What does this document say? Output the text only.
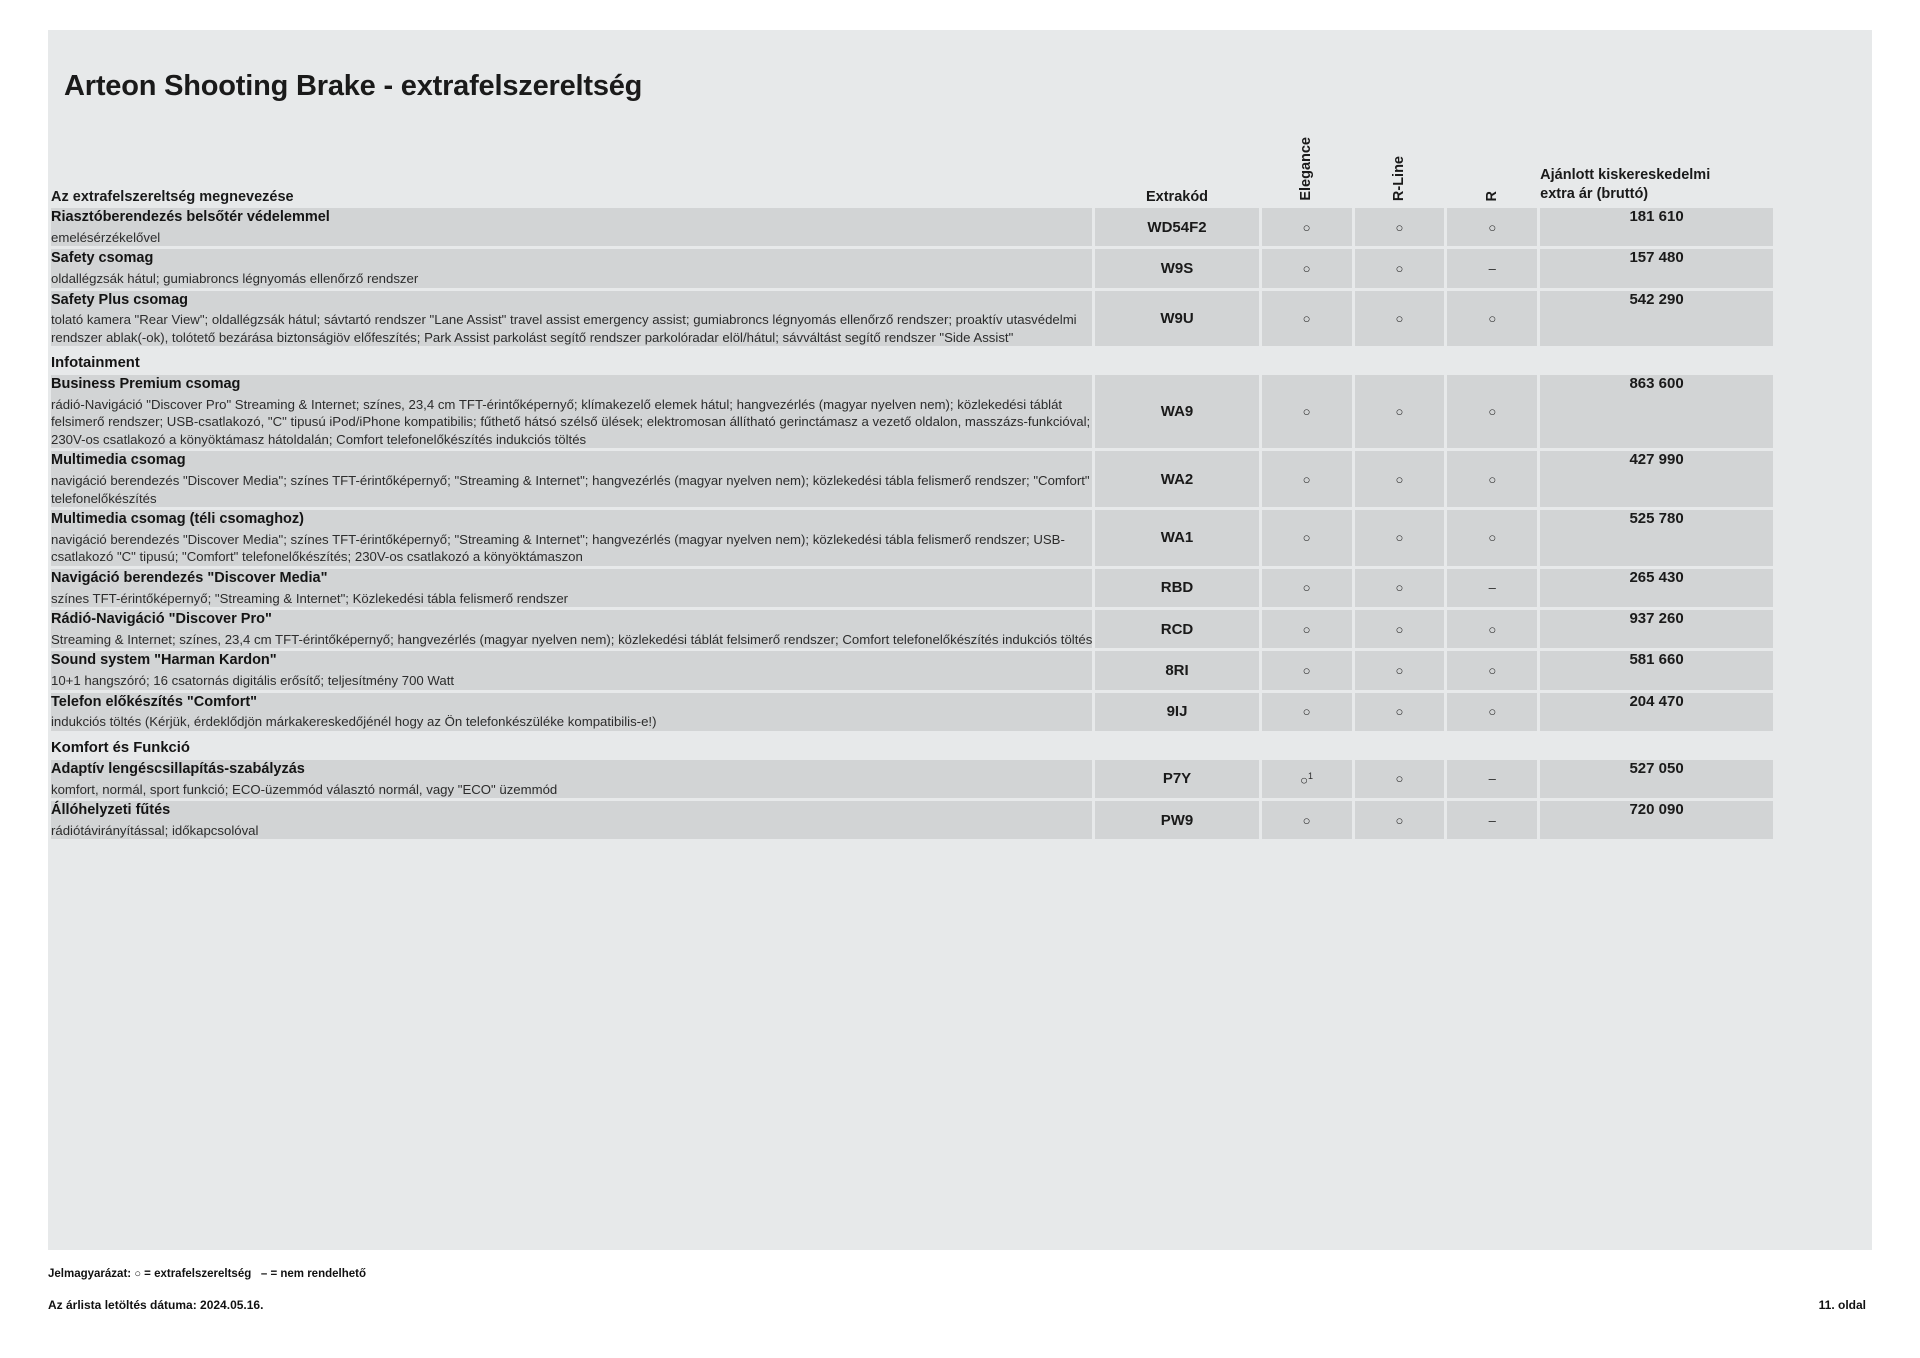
Arteon Shooting Brake - extrafelszereltség
Az extrafelszereltség megnevezése	Extrakód	Elegance	R-Line	R	Ajánlott kiskereskedelmi
extra ár (bruttó)

Riasztóberendezés belsőtér védelemmel
emelésérzékelővel	WD54F2	○	○	○	181 610

Safety csomag
oldallégzsák hátul; gumiabroncs légnyomás ellenőrző rendszer	W9S	○	○	–	157 480

Safety Plus csomag
tolató kamera "Rear View"; oldallégzsák hátul; sávtartó rendszer "Lane Assist" travel assist emergency assist; gumiabroncs légnyomás ellenőrző rendszer; proaktív utasvédelmi rendszer ablak(-ok), tolótető bezárása biztonságiöv előfeszítés; Park Assist parkolást segítő rendszer parkolóradar elöl/hátul; sávváltást segítő rendszer "Side Assist"	W9U	○	○	○	542 290

Infotainment					

Business Premium csomag
rádió-Navigáció "Discover Pro" Streaming & Internet; színes, 23,4 cm TFT-érintőképernyő; klímakezelő elemek hátul; hangvezérlés (magyar nyelven nem); közlekedési táblát felsimerő rendszer; USB-csatlakozó, "C" tipusú iPod/iPhone kompatibilis; fűthető hátsó szélső ülések; elektromosan állítható gerinctámasz a vezető oldalon, masszázs-funkcióval; 230V-os csatlakozó a könyöktámasz hátoldalán; Comfort telefonelőkészítés indukciós töltés	WA9	○	○	○	863 600

Multimedia csomag
navigáció berendezés "Discover Media"; színes TFT-érintőképernyő; "Streaming & Internet"; hangvezérlés (magyar nyelven nem); közlekedési tábla felismerő rendszer; "Comfort" telefonelőkészítés	WA2	○	○	○	427 990

Multimedia csomag (téli csomaghoz)
navigáció berendezés "Discover Media"; színes TFT-érintőképernyő; "Streaming & Internet"; hangvezérlés (magyar nyelven nem); közlekedési tábla felismerő rendszer; USB-csatlakozó "C" tipusú; "Comfort" telefonelőkészítés; 230V-os csatlakozó a könyöktámaszon	WA1	○	○	○	525 780

Navigáció berendezés "Discover Media"
színes TFT-érintőképernyő; "Streaming & Internet"; Közlekedési tábla felismerő rendszer	RBD	○	○	–	265 430

Rádió-Navigáció "Discover Pro"
Streaming & Internet; színes, 23,4 cm TFT-érintőképernyő; hangvezérlés (magyar nyelven nem); közlekedési táblát felsimerő rendszer; Comfort telefonelőkészítés indukciós töltés	RCD	○	○	○	937 260

Sound system "Harman Kardon"
10+1 hangszóró; 16 csatornás digitális erősítő; teljesítmény 700 Watt	8RI	○	○	○	581 660

Telefon előkészítés "Comfort"
indukciós töltés (Kérjük, érdeklődjön márkakereskedőjénél hogy az Ön telefonkészüléke kompatibilis-e!)	9IJ	○	○	○	204 470

Komfort és Funkció					

Adaptív lengéscsillapítás-szabályzás
komfort, normál, sport funkció; ECO-üzemmód választó normál, vagy "ECO" üzemmód	P7Y	○$^1$	○	–	527 050

Állóhelyzeti fűtés
rádiótávirányítással; időkapcsolóval	PW9	○	○	–	720 090
Jelmagyarázat: ○ = extrafelszereltség – = nem rendelhető
Az árlista letöltés dátuma: 2024.05.16.	11. oldal
